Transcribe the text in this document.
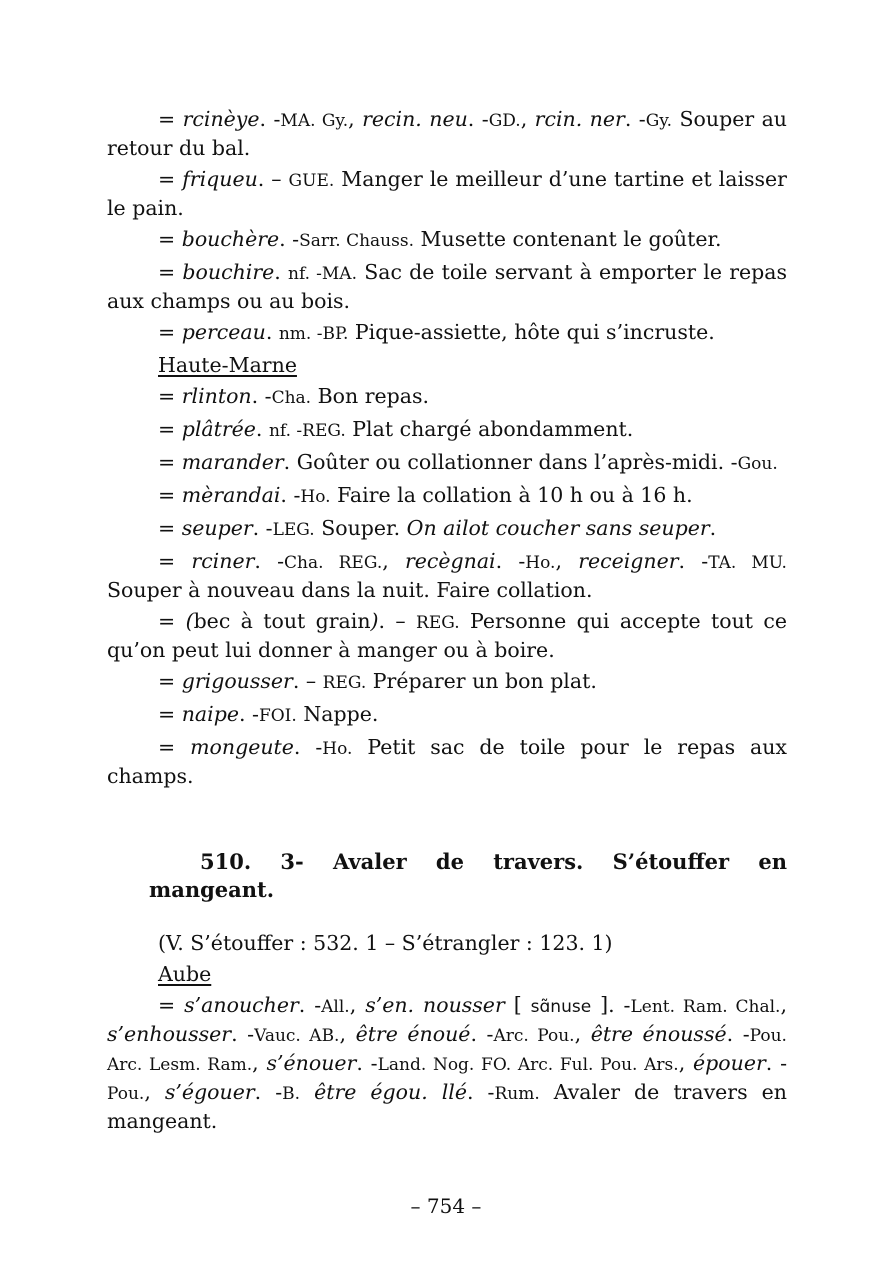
= rcinèye. -MA. Gy., recin. neu. -GD., rcin. ner. -Gy. Souper au retour du bal.

= friqueu. – GUE. Manger le meilleur d’une tartine et laisser le pain.

= bouchère. -Sarr. Chauss. Musette contenant le goûter.

= bouchire. nf. -MA. Sac de toile servant à emporter le repas aux champs ou au bois.

= perceau. nm. -BP. Pique-assiette, hôte qui s’incruste.

Haute-Marne

= rlinton. -Cha. Bon repas.

= plâtrée. nf. -REG. Plat chargé abondamment.

= marander. Goûter ou collationner dans l’après-midi. -Gou.

= mèrandai. -Ho. Faire la collation à 10 h ou à 16 h.

= seuper. -LEG. Souper. On ailot coucher sans seuper.

= rciner. -Cha. REG., recègnai. -Ho., receigner. -TA. MU. Souper à nouveau dans la nuit. Faire collation.

= (bec à tout grain). – REG. Personne qui accepte tout ce qu’on peut lui donner à manger ou à boire.

= grigousser. – REG. Préparer un bon plat.

= naipe. -FOI. Nappe.

= mongeute. -Ho. Petit sac de toile pour le repas aux champs.

510. 3- Avaler de travers. S’étouffer en mangeant.

(V. S’étouffer : 532. 1 – S’étrangler : 123. 1)

Aube

= s’anoucher. -All., s’en. nousser [ sɑ̃nuse ]. -Lent. Ram. Chal., s’enhousser. -Vauc. AB., être énoué. -Arc. Pou., être énoussé. -Pou. Arc. Lesm. Ram., s’énouer. -Land. Nog. FO. Arc. Ful. Pou. Ars., épouer. -Pou., s’égouer. -B. être égou. llé. -Rum. Avaler de travers en mangeant.

– 754 –
